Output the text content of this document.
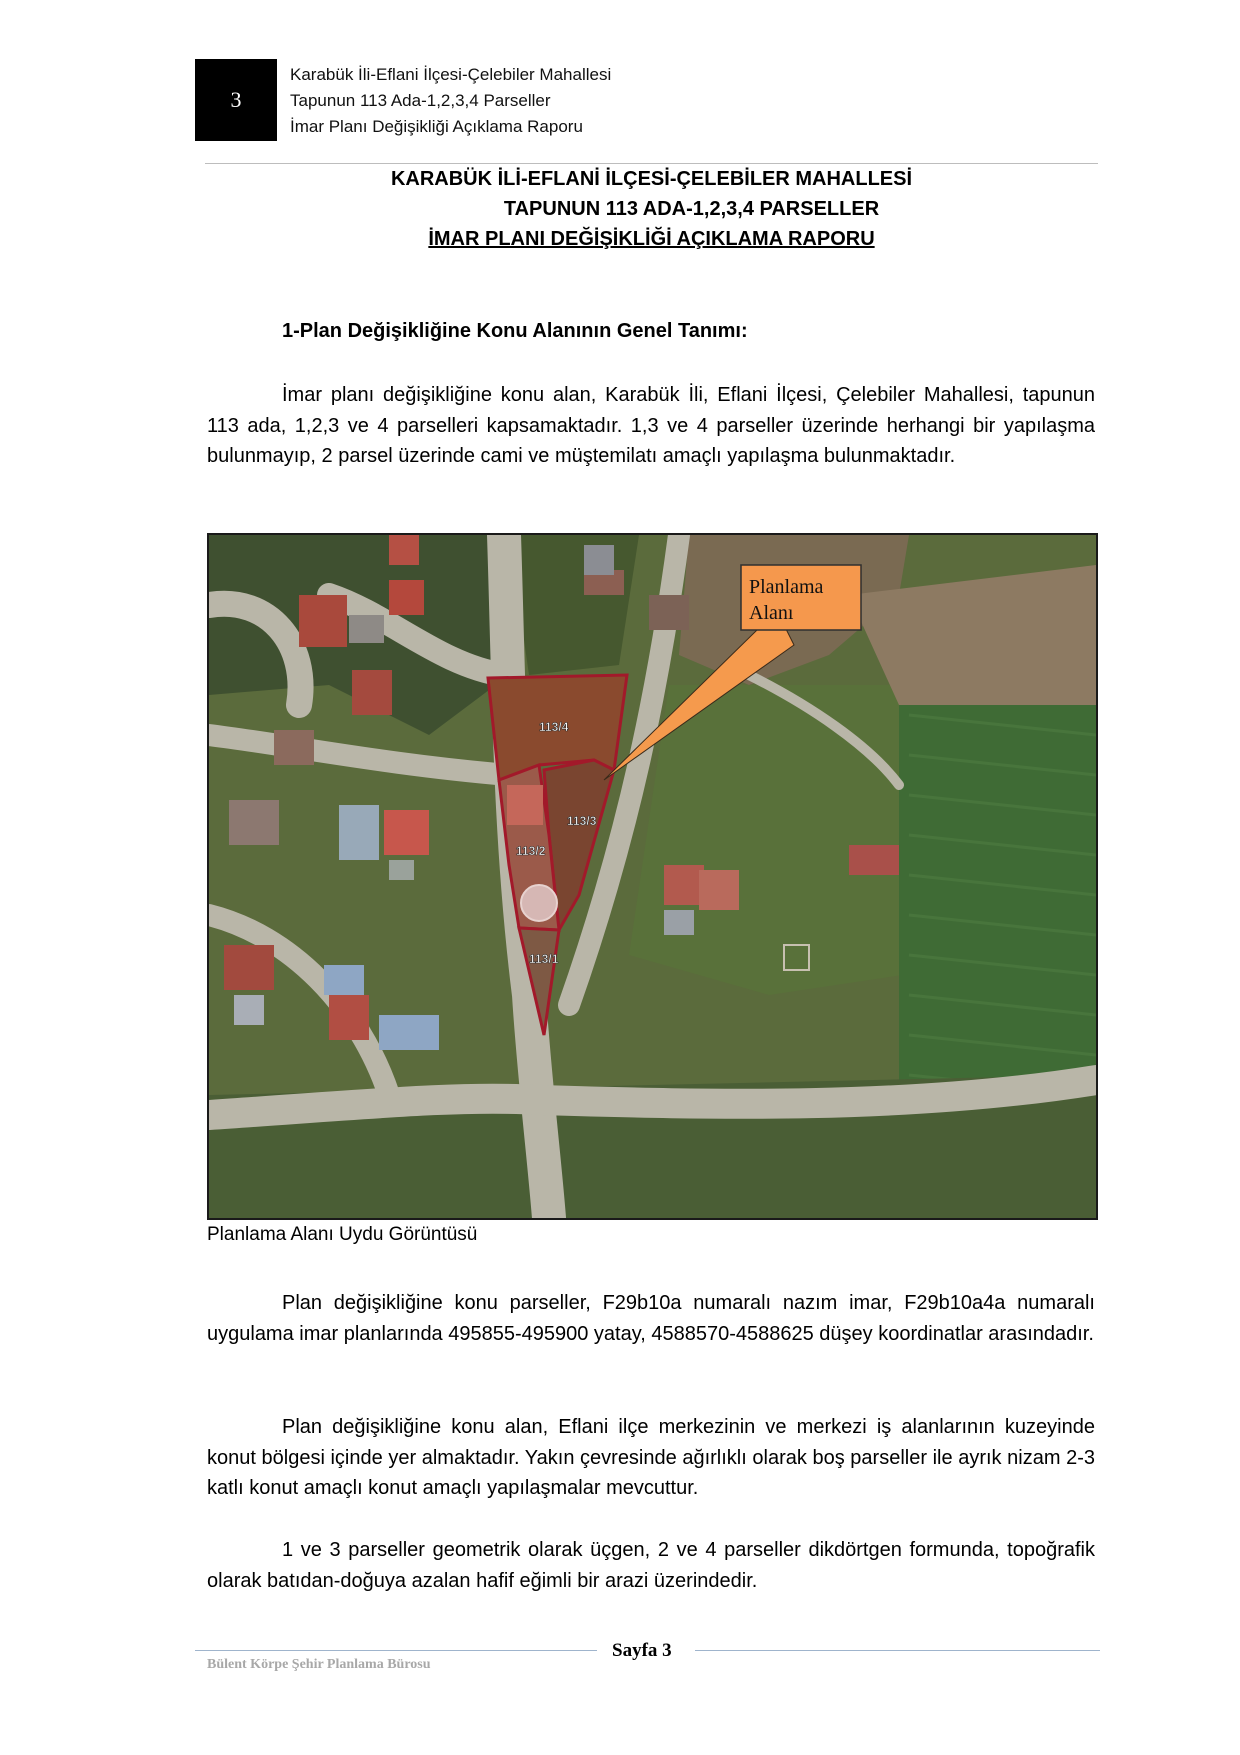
3
Karabük İli-Eflani İlçesi-Çelebiler Mahallesi
Tapunun 113 Ada-1,2,3,4 Parseller
İmar Planı Değişikliği Açıklama Raporu
KARABÜK İLİ-EFLANİ İLÇESİ-ÇELEBİLER MAHALLESİ
TAPUNUN 113 ADA-1,2,3,4 PARSELLER
İMAR PLANI DEĞİŞİKLİĞİ AÇIKLAMA RAPORU
1-Plan Değişikliğine Konu Alanının Genel Tanımı:
İmar planı değişikliğine konu alan, Karabük İli, Eflani İlçesi, Çelebiler Mahallesi, tapunun 113 ada, 1,2,3 ve 4 parselleri kapsamaktadır. 1,3 ve 4 parseller üzerinde herhangi bir yapılaşma bulunmayıp, 2 parsel üzerinde cami ve müştemilatı amaçlı yapılaşma bulunmaktadır.
113/4
113/3
113/2
113/1
Planlama
Alanı
Planlama Alanı Uydu Görüntüsü
Plan değişikliğine konu parseller, F29b10a numaralı nazım imar, F29b10a4a numaralı uygulama imar planlarında 495855-495900 yatay, 4588570-4588625 düşey koordinatlar arasındadır.
Plan değişikliğine konu alan, Eflani ilçe merkezinin ve merkezi iş alanlarının kuzeyinde konut bölgesi içinde yer almaktadır. Yakın çevresinde ağırlıklı olarak boş parseller ile ayrık nizam 2-3 katlı konut amaçlı konut amaçlı yapılaşmalar mevcuttur.
1 ve 3 parseller geometrik olarak üçgen, 2 ve 4 parseller dikdörtgen formunda, topoğrafik olarak batıdan-doğuya azalan hafif eğimli bir arazi üzerindedir.
Sayfa 3
Bülent Körpe Şehir Planlama Bürosu
